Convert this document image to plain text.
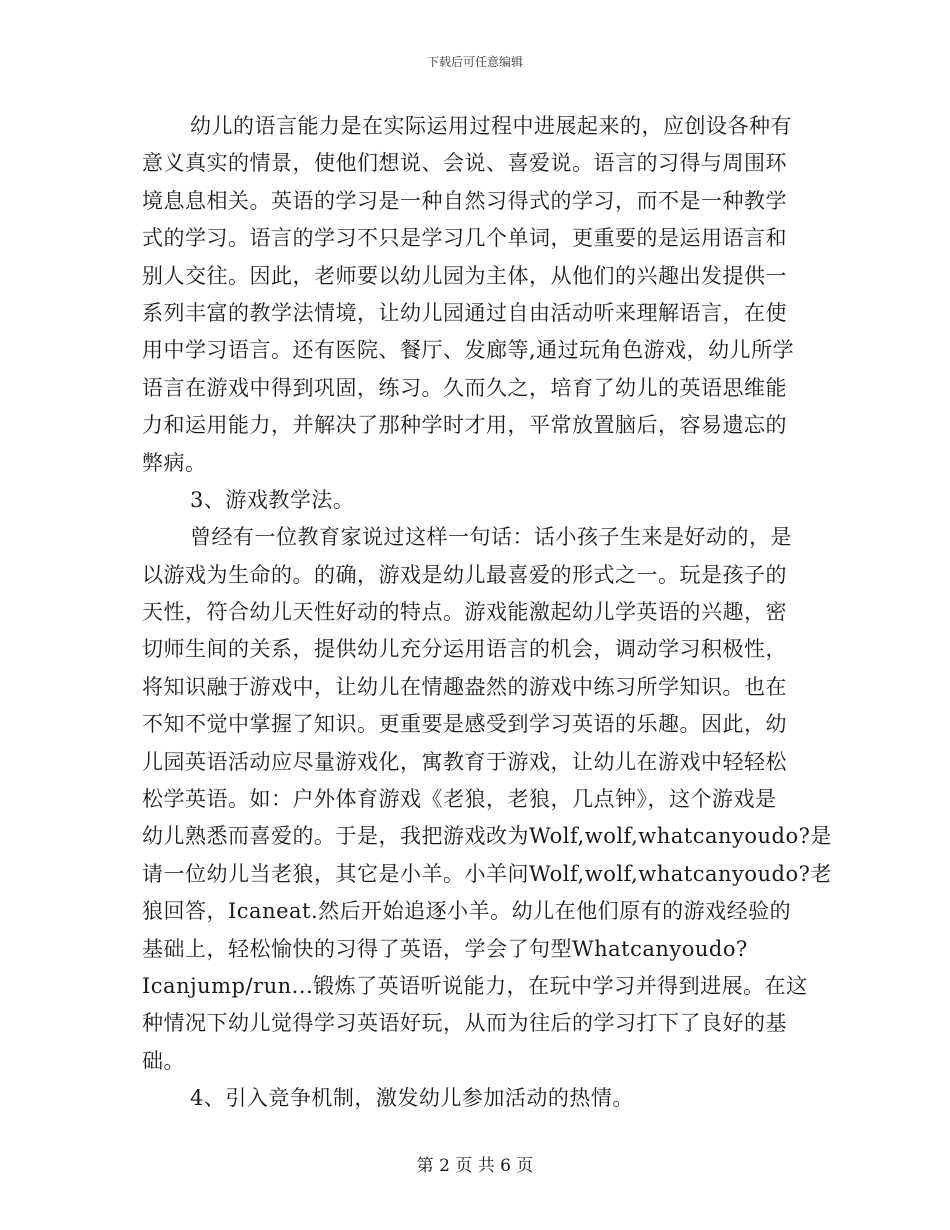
下载后可任意编辑
幼儿的语言能力是在实际运用过程中进展起来的，应创设各种有
意义真实的情景，使他们想说、会说、喜爱说。语言的习得与周围环
境息息相关。英语的学习是一种自然习得式的学习，而不是一种教学
式的学习。语言的学习不只是学习几个单词，更重要的是运用语言和
别人交往。因此，老师要以幼儿园为主体，从他们的兴趣出发提供一
系列丰富的教学法情境，让幼儿园通过自由活动听来理解语言，在使
用中学习语言。还有医院、餐厅、发廊等,通过玩角色游戏，幼儿所学
语言在游戏中得到巩固，练习。久而久之，培育了幼儿的英语思维能
力和运用能力，并解决了那种学时才用，平常放置脑后，容易遗忘的
弊病。
3、游戏教学法。
曾经有一位教育家说过这样一句话：话小孩子生来是好动的，是
以游戏为生命的。的确，游戏是幼儿最喜爱的形式之一。玩是孩子的
天性，符合幼儿天性好动的特点。游戏能激起幼儿学英语的兴趣，密
切师生间的关系，提供幼儿充分运用语言的机会，调动学习积极性，
将知识融于游戏中，让幼儿在情趣盎然的游戏中练习所学知识。也在
不知不觉中掌握了知识。更重要是感受到学习英语的乐趣。因此，幼
儿园英语活动应尽量游戏化，寓教育于游戏，让幼儿在游戏中轻轻松
松学英语。如：户外体育游戏《老狼，老狼，几点钟》，这个游戏是
幼儿熟悉而喜爱的。于是，我把游戏改为Wolf,wolf,whatcanyoudo?是
请一位幼儿当老狼，其它是小羊。小羊问Wolf,wolf,whatcanyoudo?老
狼回答，Icaneat.然后开始追逐小羊。幼儿在他们原有的游戏经验的
基础上，轻松愉快的习得了英语，学会了句型Whatcanyoudo?
Icanjump/run...锻炼了英语听说能力，在玩中学习并得到进展。在这
种情况下幼儿觉得学习英语好玩，从而为往后的学习打下了良好的基
础。
4、引入竞争机制，激发幼儿参加活动的热情。
第 2 页 共 6 页
